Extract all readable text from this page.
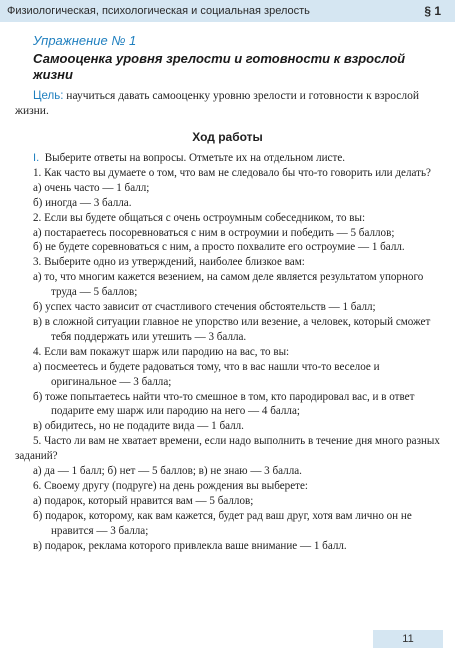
Физиологическая, психологическая и социальная зрелость	§ 1
Упражнение № 1
Самооценка уровня зрелости и готовности к взрослой жизни
Цель: научиться давать самооценку уровню зрелости и готовности к взрослой жизни.
Ход работы
I. Выберите ответы на вопросы. Отметьте их на отдельном листе.
1. Как часто вы думаете о том, что вам не следовало бы что-то говорить или делать?
а) очень часто — 1 балл;
б) иногда — 3 балла.
2. Если вы будете общаться с очень остроумным собеседником, то вы:
а) постараетесь посоревноваться с ним в остроумии и победить — 5 баллов;
б) не будете соревноваться с ним, а просто похвалите его остроумие — 1 балл.
3. Выберите одно из утверждений, наиболее близкое вам:
а) то, что многим кажется везением, на самом деле является результатом упорного труда — 5 баллов;
б) успех часто зависит от счастливого стечения обстоятельств — 1 балл;
в) в сложной ситуации главное не упорство или везение, а человек, который сможет тебя поддержать или утешить — 3 балла.
4. Если вам покажут шарж или пародию на вас, то вы:
а) посмеетесь и будете радоваться тому, что в вас нашли что-то веселое и оригинальное — 3 балла;
б) тоже попытаетесь найти что-то смешное в том, кто пародировал вас, и в ответ подарите ему шарж или пародию на него — 4 балла;
в) обидитесь, но не подадите вида — 1 балл.
5. Часто ли вам не хватает времени, если надо выполнить в течение дня много разных заданий?
а) да — 1 балл; б) нет — 5 баллов; в) не знаю — 3 балла.
6. Своему другу (подруге) на день рождения вы выберете:
а) подарок, который нравится вам — 5 баллов;
б) подарок, которому, как вам кажется, будет рад ваш друг, хотя вам лично он не нравится — 3 балла;
в) подарок, реклама которого привлекла ваше внимание — 1 балл.
11
